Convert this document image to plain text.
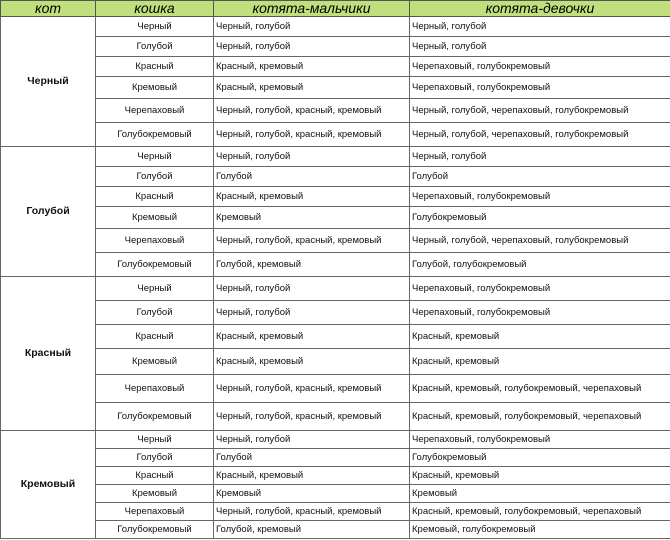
кот	кошка	котята-мальчики	котята-девочки
Черный	Черный	Черный, голубой	Черный, голубой
	Голубой	Черный, голубой	Черный, голубой
	Красный	Красный, кремовый	Черепаховый, голубокремовый
	Кремовый	Красный, кремовый	Черепаховый, голубокремовый
	Черепаховый	Черный, голубой, красный, кремовый	Черный, голубой, черепаховый, голубокремовый
	Голубокремовый	Черный, голубой, красный, кремовый	Черный, голубой, черепаховый, голубокремовый
Голубой	Черный	Черный, голубой	Черный, голубой
	Голубой	Голубой	Голубой
	Красный	Красный, кремовый	Черепаховый, голубокремовый
	Кремовый	Кремовый	Голубокремовый
	Черепаховый	Черный, голубой, красный, кремовый	Черный, голубой, черепаховый, голубокремовый
	Голубокремовый	Голубой, кремовый	Голубой, голубокремовый
Красный	Черный	Черный, голубой	Черепаховый, голубокремовый
	Голубой	Черный, голубой	Черепаховый, голубокремовый
	Красный	Красный, кремовый	Красный, кремовый
	Кремовый	Красный, кремовый	Красный, кремовый
	Черепаховый	Черный, голубой, красный, кремовый	Красный, кремовый, голубокремовый, черепаховый
	Голубокремовый	Черный, голубой, красный, кремовый	Красный, кремовый, голубокремовый, черепаховый
Кремовый	Черный	Черный, голубой	Черепаховый, голубокремовый
	Голубой	Голубой	Голубокремовый
	Красный	Красный, кремовый	Красный, кремовый
	Кремовый	Кремовый	Кремовый
	Черепаховый	Черный, голубой, красный, кремовый	Красный, кремовый, голубокремовый, черепаховый
	Голубокремовый	Голубой, кремовый	Кремовый, голубокремовый
